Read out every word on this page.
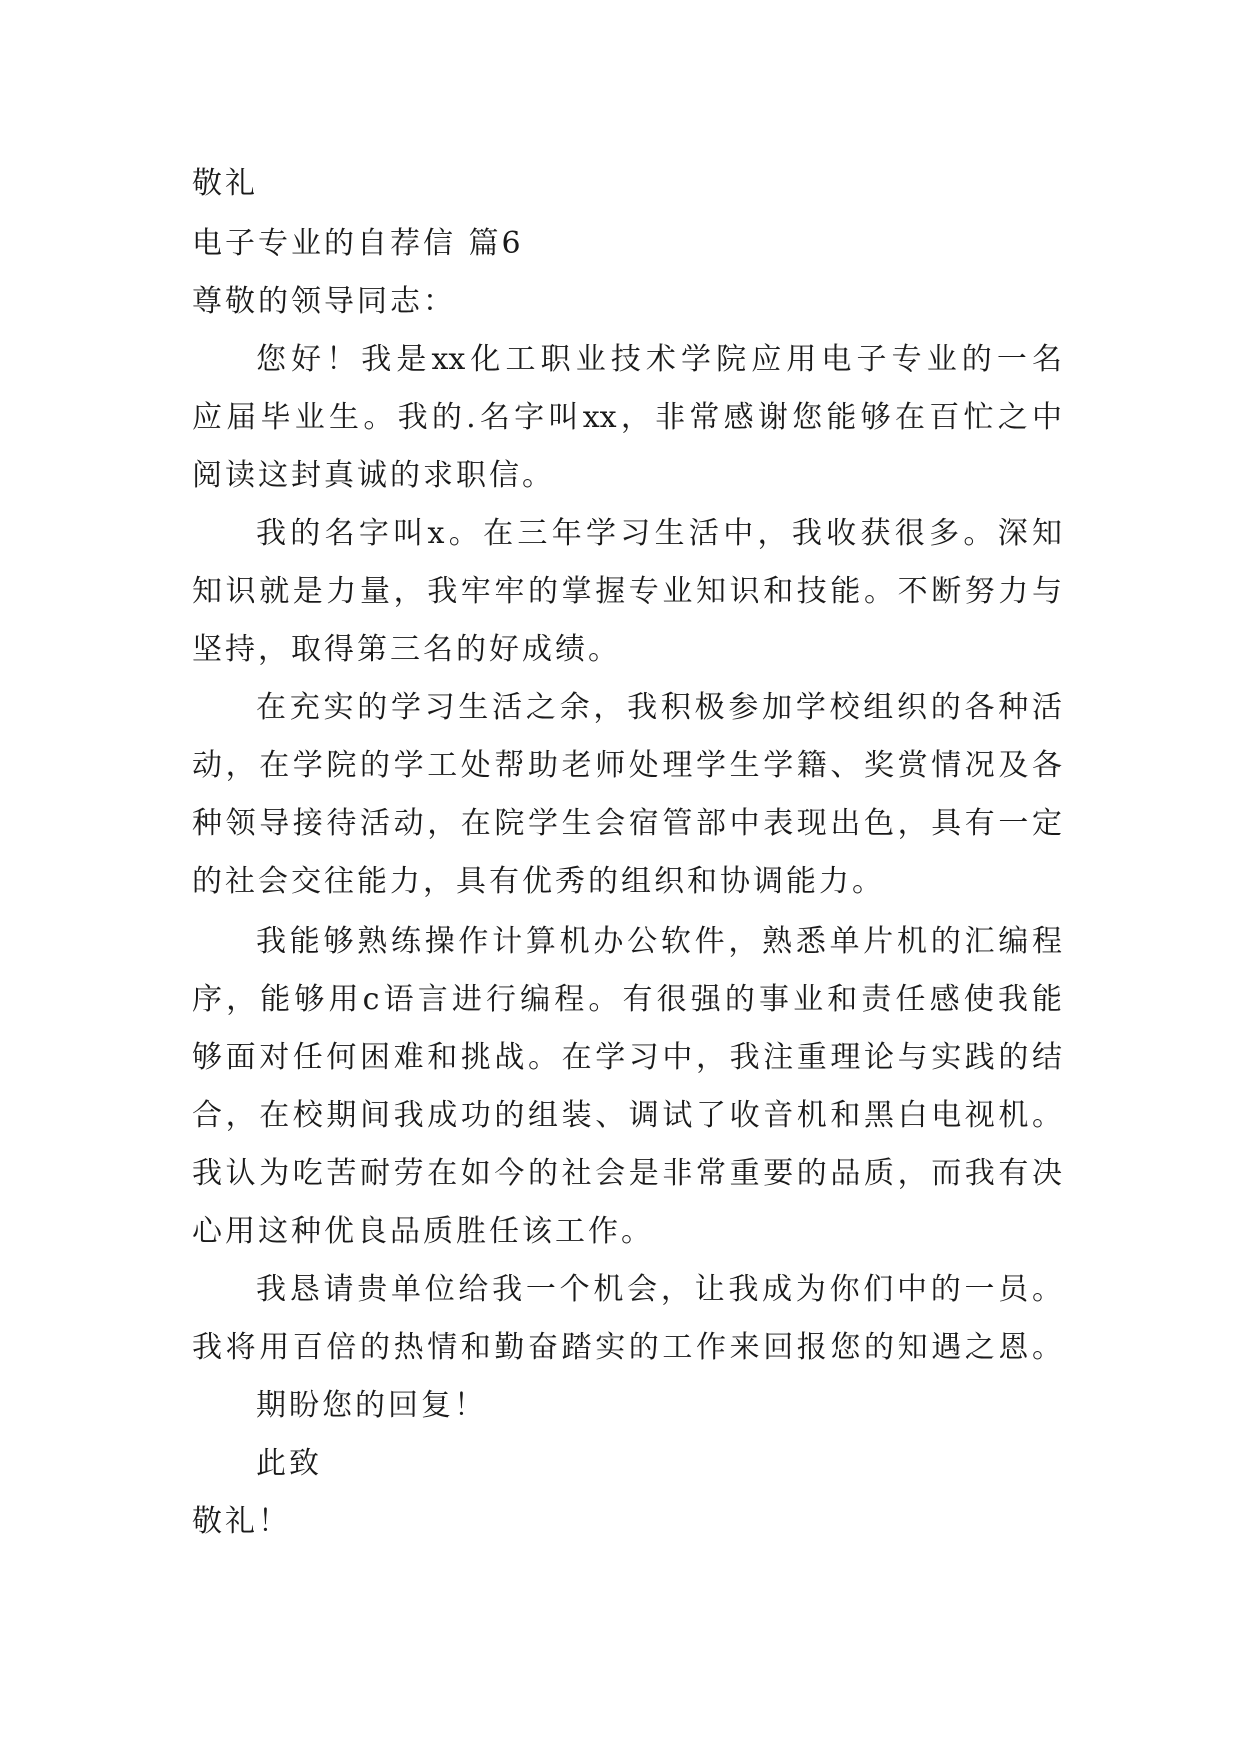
敬礼
电子专业的自荐信 篇6
尊敬的领导同志：
您好！我是xx化工职业技术学院应用电子专业的一名
应届毕业生。我的.名字叫xx，非常感谢您能够在百忙之中
阅读这封真诚的求职信。
我的名字叫x。在三年学习生活中，我收获很多。深知
知识就是力量，我牢牢的掌握专业知识和技能。不断努力与
坚持，取得第三名的好成绩。
在充实的学习生活之余，我积极参加学校组织的各种活
动，在学院的学工处帮助老师处理学生学籍、奖赏情况及各
种领导接待活动，在院学生会宿管部中表现出色，具有一定
的社会交往能力，具有优秀的组织和协调能力。
我能够熟练操作计算机办公软件，熟悉单片机的汇编程
序，能够用c语言进行编程。有很强的事业和责任感使我能
够面对任何困难和挑战。在学习中，我注重理论与实践的结
合，在校期间我成功的组装、调试了收音机和黑白电视机。
我认为吃苦耐劳在如今的社会是非常重要的品质，而我有决
心用这种优良品质胜任该工作。
我恳请贵单位给我一个机会，让我成为你们中的一员。
我将用百倍的热情和勤奋踏实的工作来回报您的知遇之恩。
期盼您的回复！
此致
敬礼！
